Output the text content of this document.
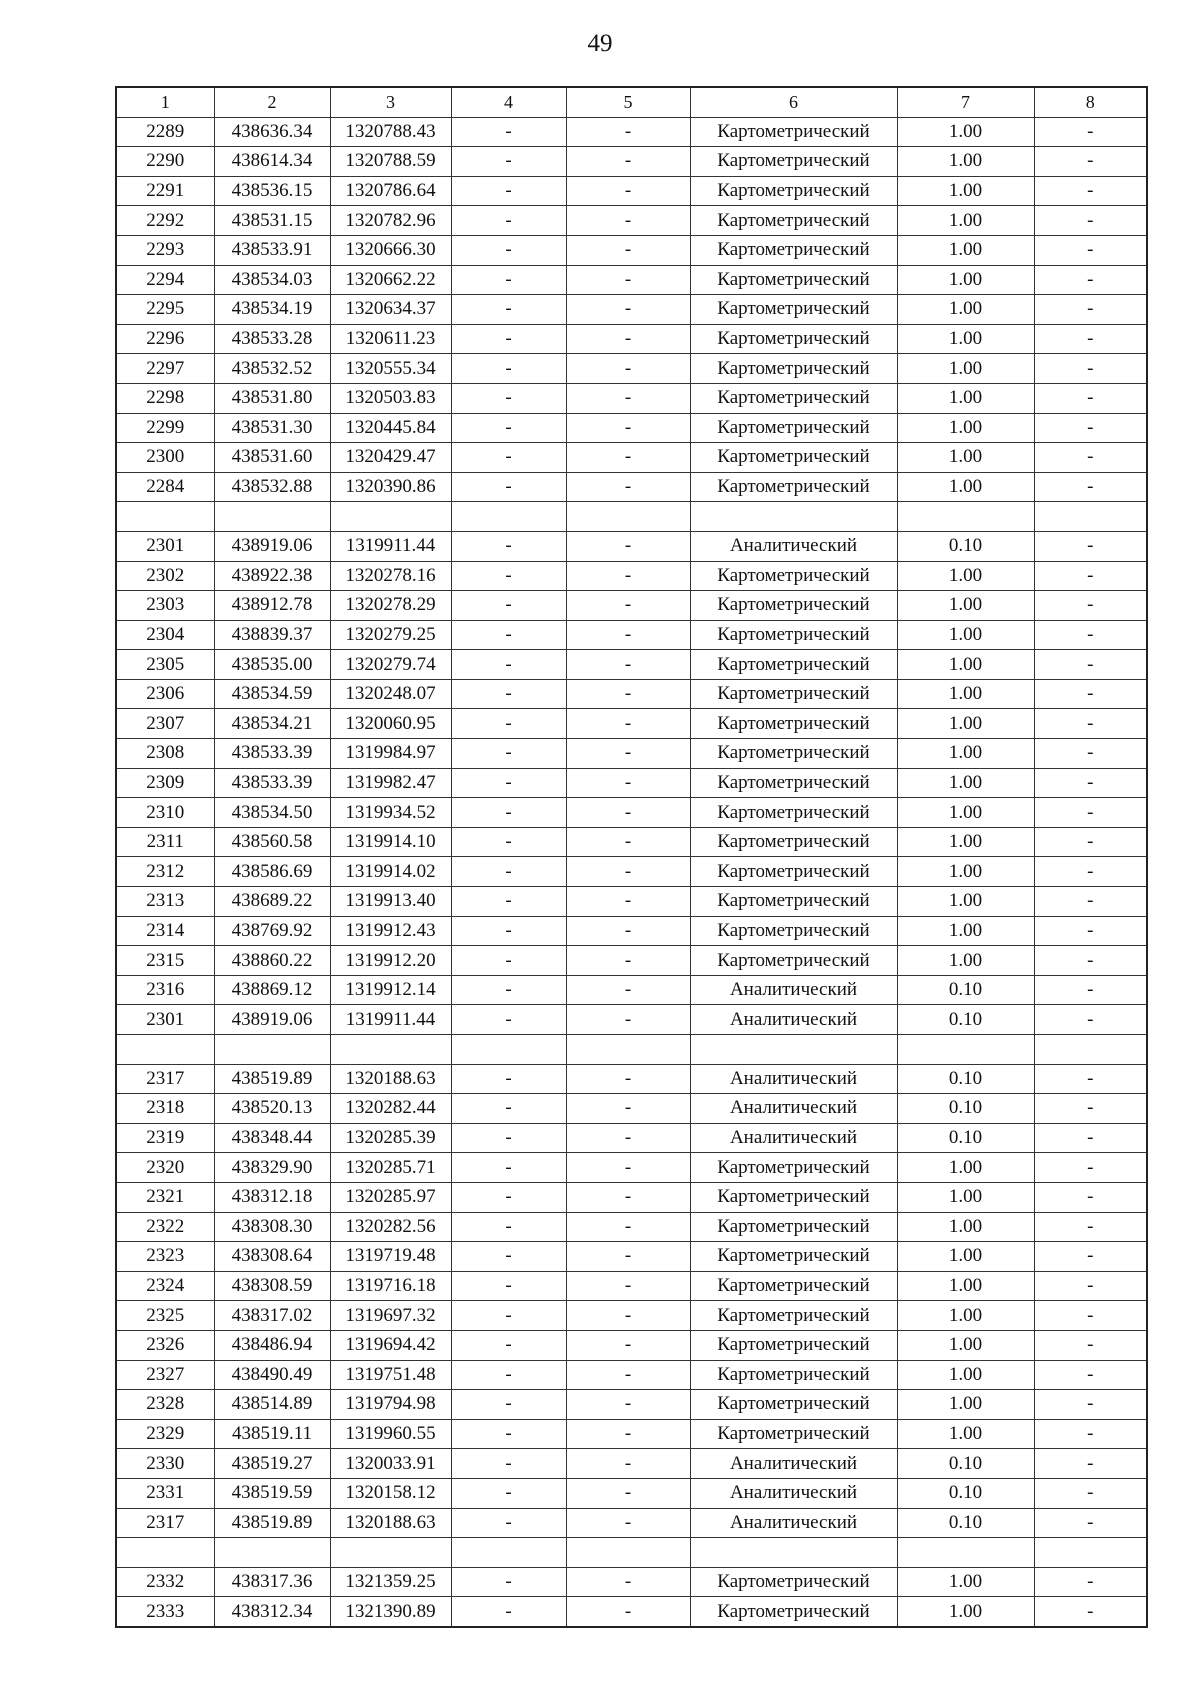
49
1	2	3	4	5	6	7	8
2289	438636.34	1320788.43	-	-	Картометрический	1.00	-
2290	438614.34	1320788.59	-	-	Картометрический	1.00	-
2291	438536.15	1320786.64	-	-	Картометрический	1.00	-
2292	438531.15	1320782.96	-	-	Картометрический	1.00	-
2293	438533.91	1320666.30	-	-	Картометрический	1.00	-
2294	438534.03	1320662.22	-	-	Картометрический	1.00	-
2295	438534.19	1320634.37	-	-	Картометрический	1.00	-
2296	438533.28	1320611.23	-	-	Картометрический	1.00	-
2297	438532.52	1320555.34	-	-	Картометрический	1.00	-
2298	438531.80	1320503.83	-	-	Картометрический	1.00	-
2299	438531.30	1320445.84	-	-	Картометрический	1.00	-
2300	438531.60	1320429.47	-	-	Картометрический	1.00	-
2284	438532.88	1320390.86	-	-	Картометрический	1.00	-

2301	438919.06	1319911.44	-	-	Аналитический	0.10	-
2302	438922.38	1320278.16	-	-	Картометрический	1.00	-
2303	438912.78	1320278.29	-	-	Картометрический	1.00	-
2304	438839.37	1320279.25	-	-	Картометрический	1.00	-
2305	438535.00	1320279.74	-	-	Картометрический	1.00	-
2306	438534.59	1320248.07	-	-	Картометрический	1.00	-
2307	438534.21	1320060.95	-	-	Картометрический	1.00	-
2308	438533.39	1319984.97	-	-	Картометрический	1.00	-
2309	438533.39	1319982.47	-	-	Картометрический	1.00	-
2310	438534.50	1319934.52	-	-	Картометрический	1.00	-
2311	438560.58	1319914.10	-	-	Картометрический	1.00	-
2312	438586.69	1319914.02	-	-	Картометрический	1.00	-
2313	438689.22	1319913.40	-	-	Картометрический	1.00	-
2314	438769.92	1319912.43	-	-	Картометрический	1.00	-
2315	438860.22	1319912.20	-	-	Картометрический	1.00	-
2316	438869.12	1319912.14	-	-	Аналитический	0.10	-
2301	438919.06	1319911.44	-	-	Аналитический	0.10	-

2317	438519.89	1320188.63	-	-	Аналитический	0.10	-
2318	438520.13	1320282.44	-	-	Аналитический	0.10	-
2319	438348.44	1320285.39	-	-	Аналитический	0.10	-
2320	438329.90	1320285.71	-	-	Картометрический	1.00	-
2321	438312.18	1320285.97	-	-	Картометрический	1.00	-
2322	438308.30	1320282.56	-	-	Картометрический	1.00	-
2323	438308.64	1319719.48	-	-	Картометрический	1.00	-
2324	438308.59	1319716.18	-	-	Картометрический	1.00	-
2325	438317.02	1319697.32	-	-	Картометрический	1.00	-
2326	438486.94	1319694.42	-	-	Картометрический	1.00	-
2327	438490.49	1319751.48	-	-	Картометрический	1.00	-
2328	438514.89	1319794.98	-	-	Картометрический	1.00	-
2329	438519.11	1319960.55	-	-	Картометрический	1.00	-
2330	438519.27	1320033.91	-	-	Аналитический	0.10	-
2331	438519.59	1320158.12	-	-	Аналитический	0.10	-
2317	438519.89	1320188.63	-	-	Аналитический	0.10	-

2332	438317.36	1321359.25	-	-	Картометрический	1.00	-
2333	438312.34	1321390.89	-	-	Картометрический	1.00	-
